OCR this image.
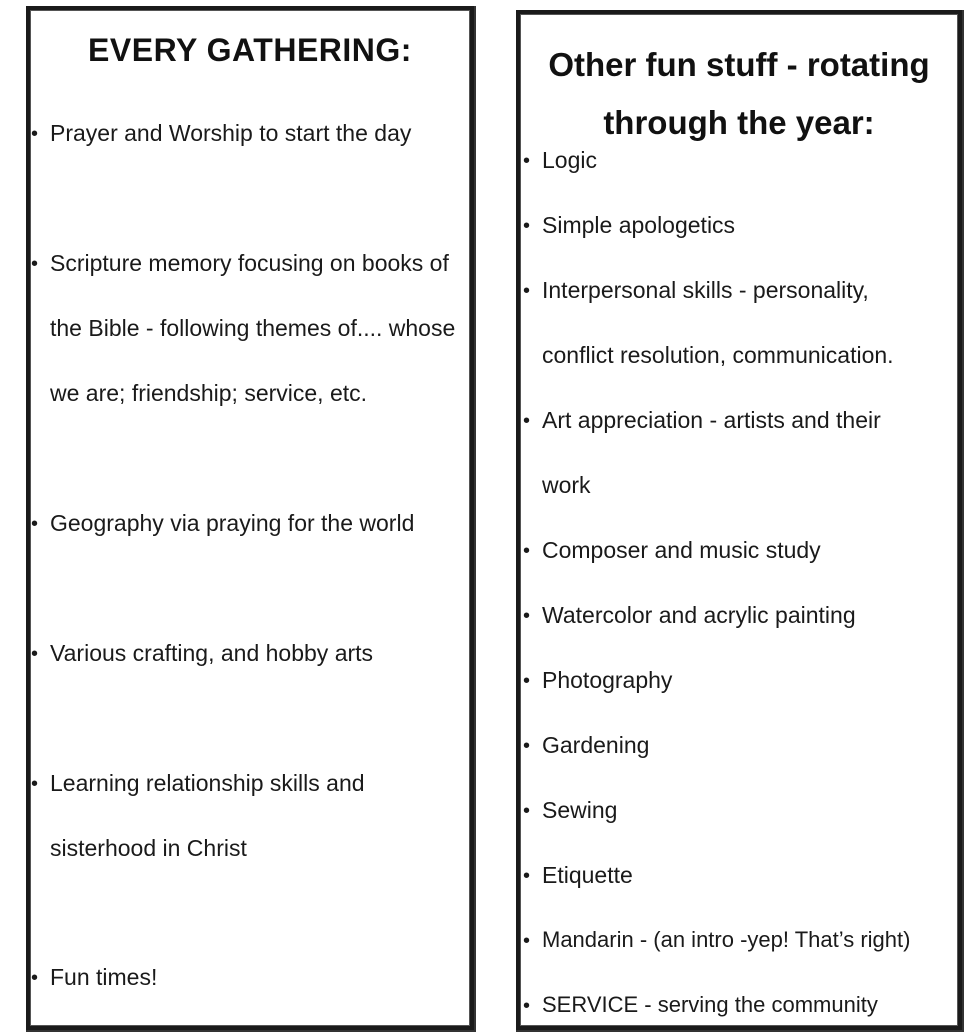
EVERY GATHERING:
• Prayer and Worship to start the day
• Scripture memory focusing on books of
the Bible - following themes of.... whose
we are; friendship; service, etc.
• Geography via praying for the world
• Various crafting, and hobby arts
• Learning relationship skills and
sisterhood in Christ
• Fun times!
Other fun stuff - rotating
through the year:
• Logic
• Simple apologetics
• Interpersonal skills - personality,
conflict resolution, communication.
• Art appreciation - artists and their
work
• Composer and music study
• Watercolor and acrylic painting
• Photography
• Gardening
• Sewing
• Etiquette
• Mandarin - (an intro -yep! That’s right)
• SERVICE - serving the community
